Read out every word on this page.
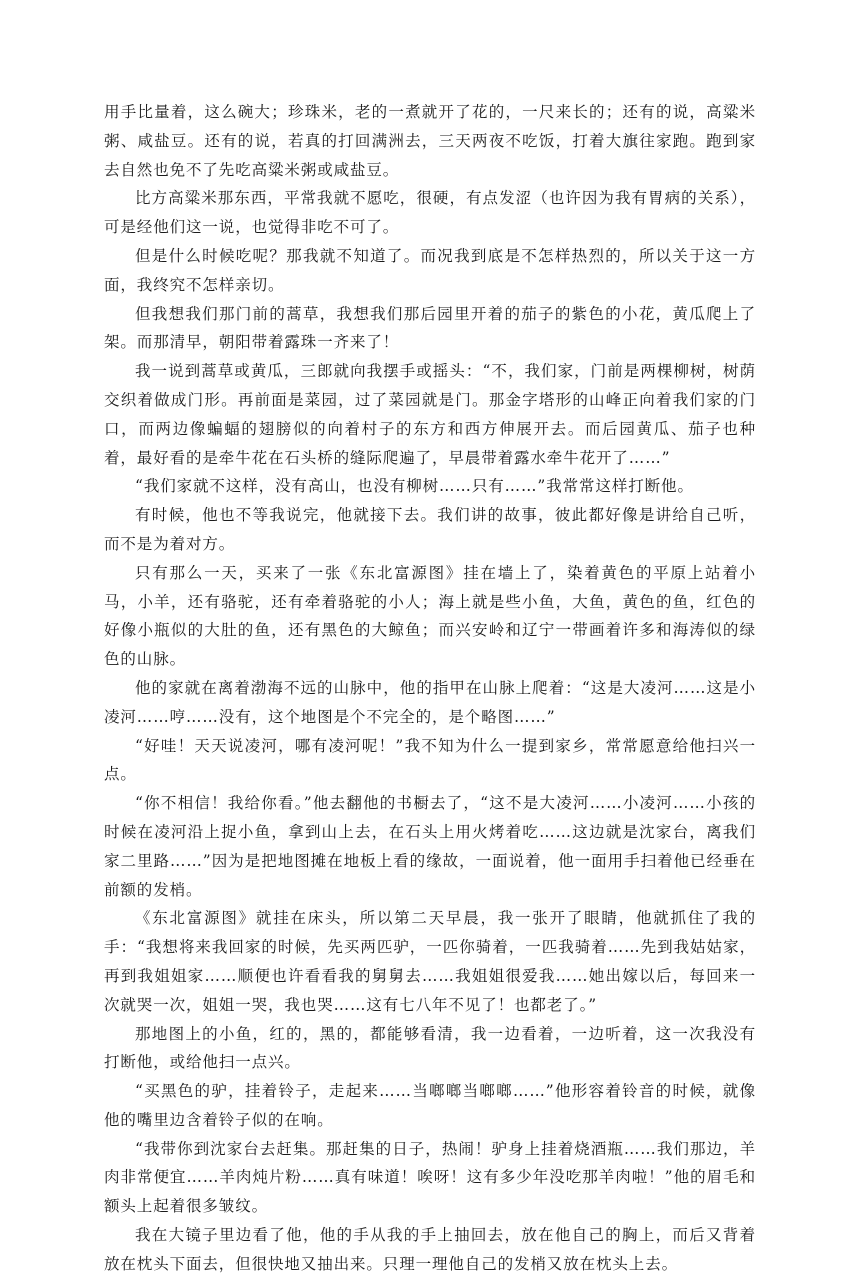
用手比量着，这么碗大；珍珠米，老的一煮就开了花的，一尺来长的；还有的说，高粱米粥、咸盐豆。还有的说，若真的打回满洲去，三天两夜不吃饭，打着大旗往家跑。跑到家去自然也免不了先吃高粱米粥或咸盐豆。

比方高粱米那东西，平常我就不愿吃，很硬，有点发涩（也许因为我有胃病的关系），可是经他们这一说，也觉得非吃不可了。

但是什么时候吃呢？那我就不知道了。而况我到底是不怎样热烈的，所以关于这一方面，我终究不怎样亲切。

但我想我们那门前的蒿草，我想我们那后园里开着的茄子的紫色的小花，黄瓜爬上了架。而那清早，朝阳带着露珠一齐来了！

我一说到蒿草或黄瓜，三郎就向我摆手或摇头：“不，我们家，门前是两棵柳树，树荫交织着做成门形。再前面是菜园，过了菜园就是门。那金字塔形的山峰正向着我们家的门口，而两边像蝙蝠的翅膀似的向着村子的东方和西方伸展开去。而后园黄瓜、茄子也种着，最好看的是牵牛花在石头桥的缝际爬遍了，早晨带着露水牵牛花开了……”

“我们家就不这样，没有高山，也没有柳树……只有……”我常常这样打断他。

有时候，他也不等我说完，他就接下去。我们讲的故事，彼此都好像是讲给自己听，而不是为着对方。

只有那么一天，买来了一张《东北富源图》挂在墙上了，染着黄色的平原上站着小马，小羊，还有骆驼，还有牵着骆驼的小人；海上就是些小鱼，大鱼，黄色的鱼，红色的好像小瓶似的大肚的鱼，还有黑色的大鲸鱼；而兴安岭和辽宁一带画着许多和海涛似的绿色的山脉。

他的家就在离着渤海不远的山脉中，他的指甲在山脉上爬着：“这是大凌河……这是小凌河……哼……没有，这个地图是个不完全的，是个略图……”

“好哇！天天说凌河，哪有凌河呢！”我不知为什么一提到家乡，常常愿意给他扫兴一点。

“你不相信！我给你看。”他去翻他的书橱去了，“这不是大凌河……小凌河……小孩的时候在凌河沿上捉小鱼，拿到山上去，在石头上用火烤着吃……这边就是沈家台，离我们家二里路……”因为是把地图摊在地板上看的缘故，一面说着，他一面用手扫着他已经垂在前额的发梢。

《东北富源图》就挂在床头，所以第二天早晨，我一张开了眼睛，他就抓住了我的手：“我想将来我回家的时候，先买两匹驴，一匹你骑着，一匹我骑着……先到我姑姑家，再到我姐姐家……顺便也许看看我的舅舅去……我姐姐很爱我……她出嫁以后，每回来一次就哭一次，姐姐一哭，我也哭……这有七八年不见了！也都老了。”

那地图上的小鱼，红的，黑的，都能够看清，我一边看着，一边听着，这一次我没有打断他，或给他扫一点兴。

“买黑色的驴，挂着铃子，走起来……当啷啷当啷啷……”他形容着铃音的时候，就像他的嘴里边含着铃子似的在响。

“我带你到沈家台去赶集。那赶集的日子，热闹！驴身上挂着烧酒瓶……我们那边，羊肉非常便宜……羊肉炖片粉……真有味道！唉呀！这有多少年没吃那羊肉啦！”他的眉毛和额头上起着很多皱纹。

我在大镜子里边看了他，他的手从我的手上抽回去，放在他自己的胸上，而后又背着放在枕头下面去，但很快地又抽出来。只理一理他自己的发梢又放在枕头上去。
